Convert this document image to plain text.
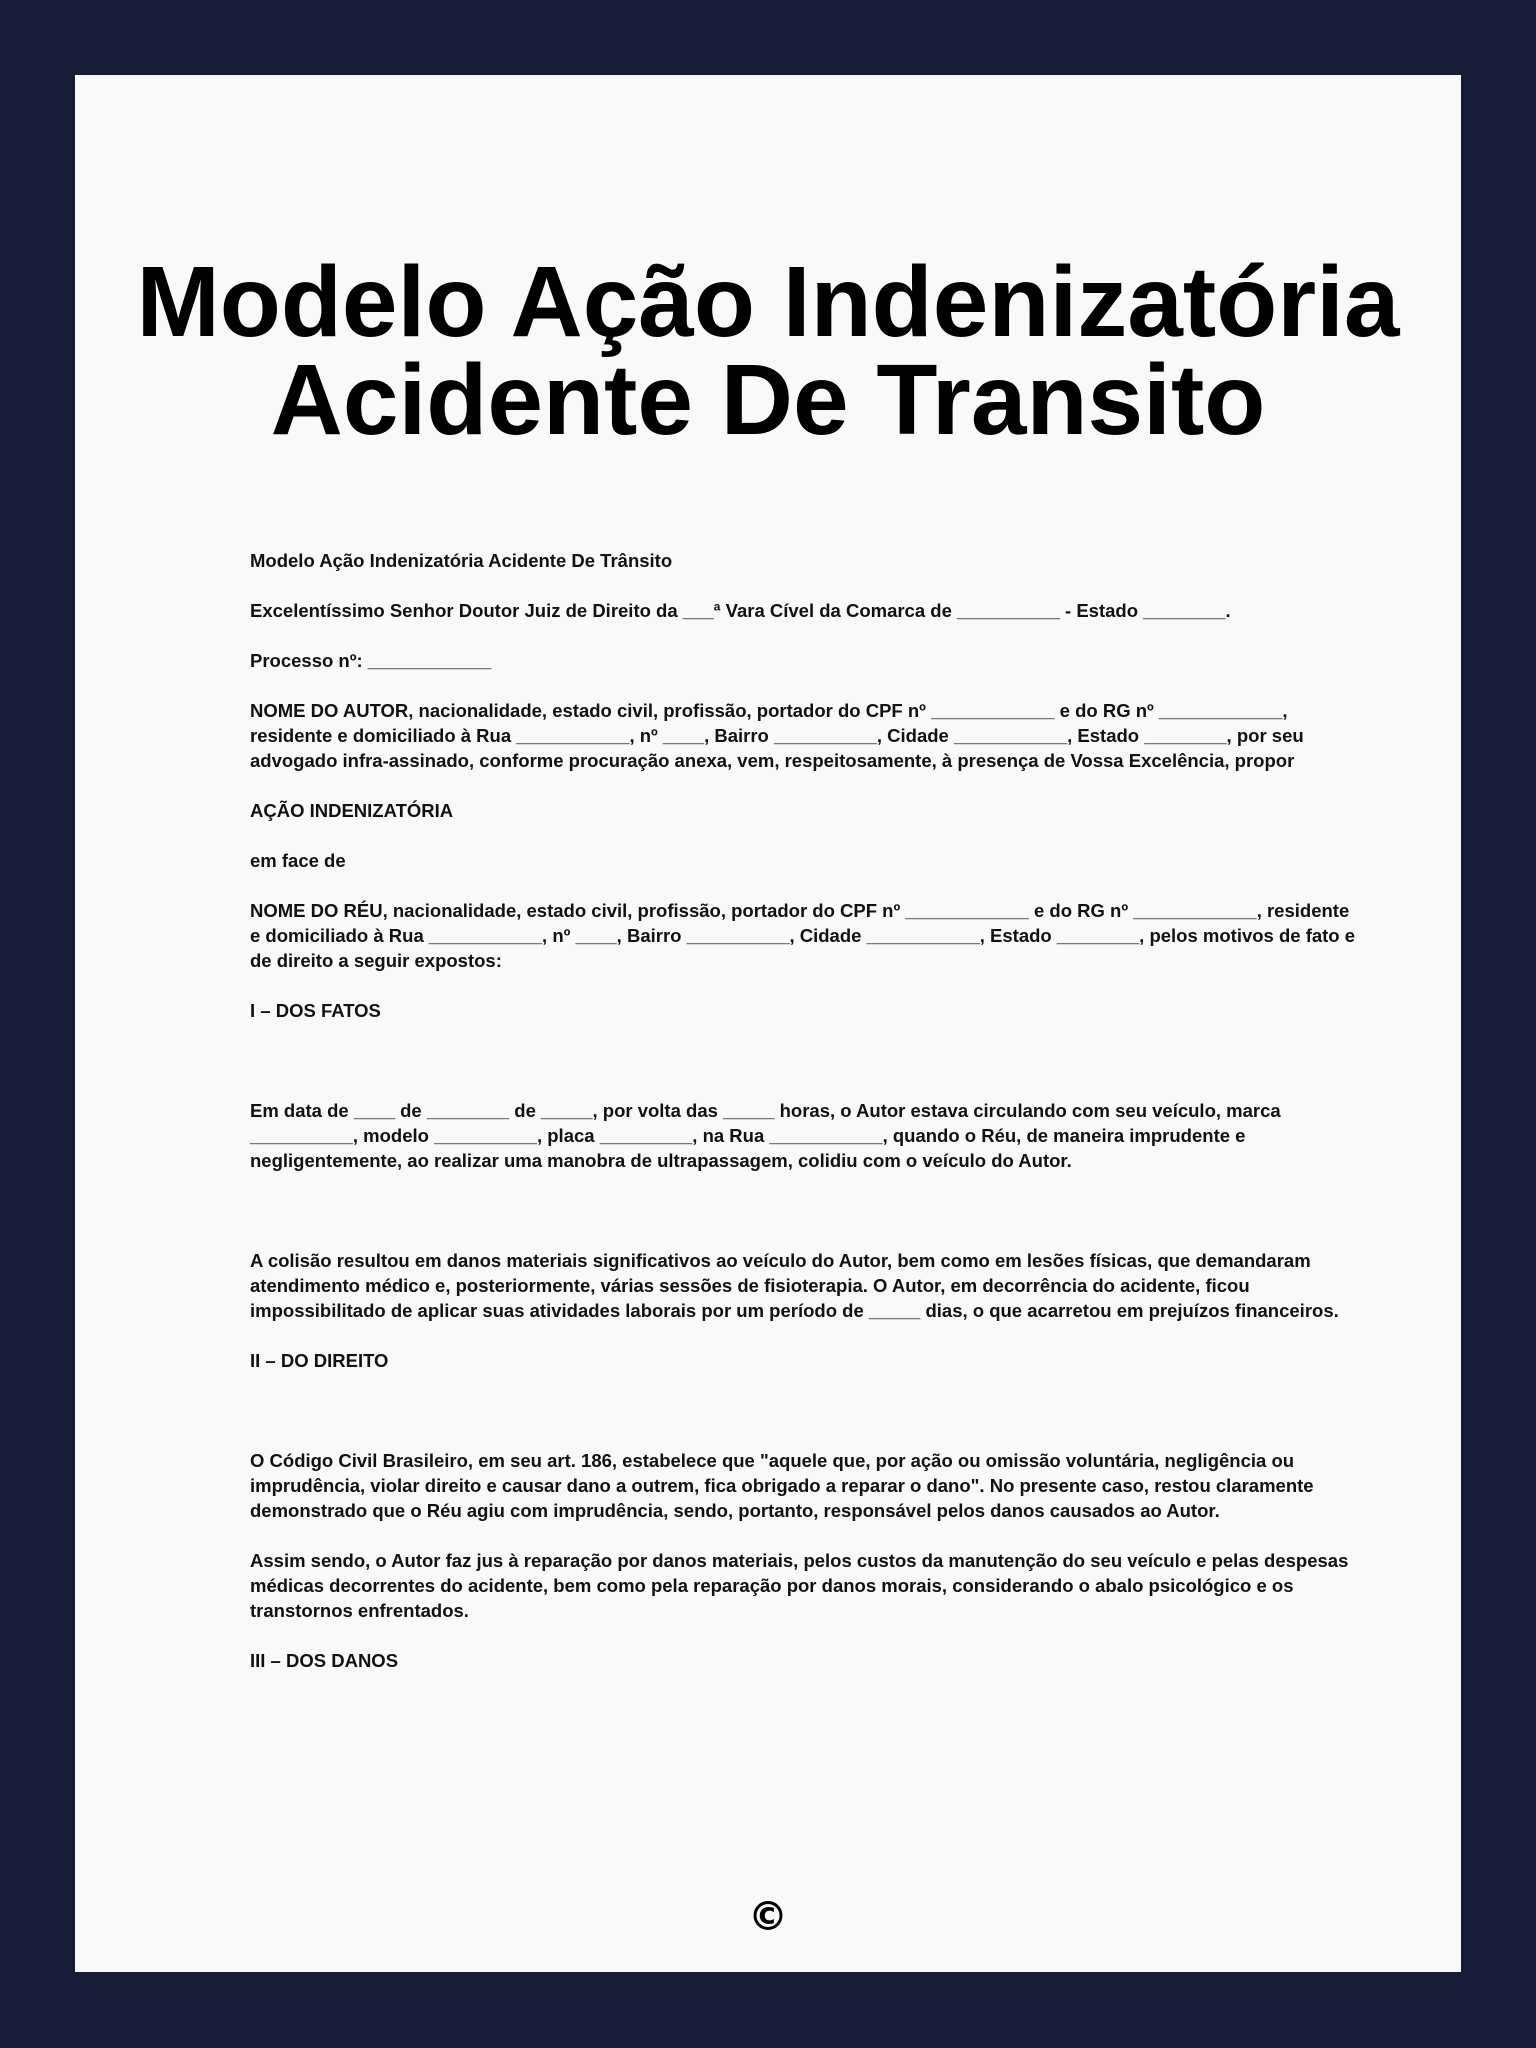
Modelo Ação Indenizatória
Acidente De Transito

Modelo Ação Indenizatória Acidente De Trânsito

Excelentíssimo Senhor Doutor Juiz de Direito da ___ª Vara Cível da Comarca de __________ - Estado ________.

Processo nº: ____________

NOME DO AUTOR, nacionalidade, estado civil, profissão, portador do CPF nº ____________ e do RG nº ____________, residente e domiciliado à Rua ___________, nº ____, Bairro __________, Cidade ___________, Estado ________, por seu advogado infra-assinado, conforme procuração anexa, vem, respeitosamente, à presença de Vossa Excelência, propor

AÇÃO INDENIZATÓRIA

em face de

NOME DO RÉU, nacionalidade, estado civil, profissão, portador do CPF nº ____________ e do RG nº ____________, residente e domiciliado à Rua ___________, nº ____, Bairro __________, Cidade ___________, Estado ________, pelos motivos de fato e de direito a seguir expostos:

I – DOS FATOS

Em data de ____ de ________ de _____, por volta das _____ horas, o Autor estava circulando com seu veículo, marca __________, modelo __________, placa _________, na Rua ___________, quando o Réu, de maneira imprudente e negligentemente, ao realizar uma manobra de ultrapassagem, colidiu com o veículo do Autor.

A colisão resultou em danos materiais significativos ao veículo do Autor, bem como em lesões físicas, que demandaram atendimento médico e, posteriormente, várias sessões de fisioterapia. O Autor, em decorrência do acidente, ficou impossibilitado de aplicar suas atividades laborais por um período de _____ dias, o que acarretou em prejuízos financeiros.

II – DO DIREITO

O Código Civil Brasileiro, em seu art. 186, estabelece que "aquele que, por ação ou omissão voluntária, negligência ou imprudência, violar direito e causar dano a outrem, fica obrigado a reparar o dano". No presente caso, restou claramente demonstrado que o Réu agiu com imprudência, sendo, portanto, responsável pelos danos causados ao Autor.

Assim sendo, o Autor faz jus à reparação por danos materiais, pelos custos da manutenção do seu veículo e pelas despesas médicas decorrentes do acidente, bem como pela reparação por danos morais, considerando o abalo psicológico e os transtornos enfrentados.

III – DOS DANOS

©
